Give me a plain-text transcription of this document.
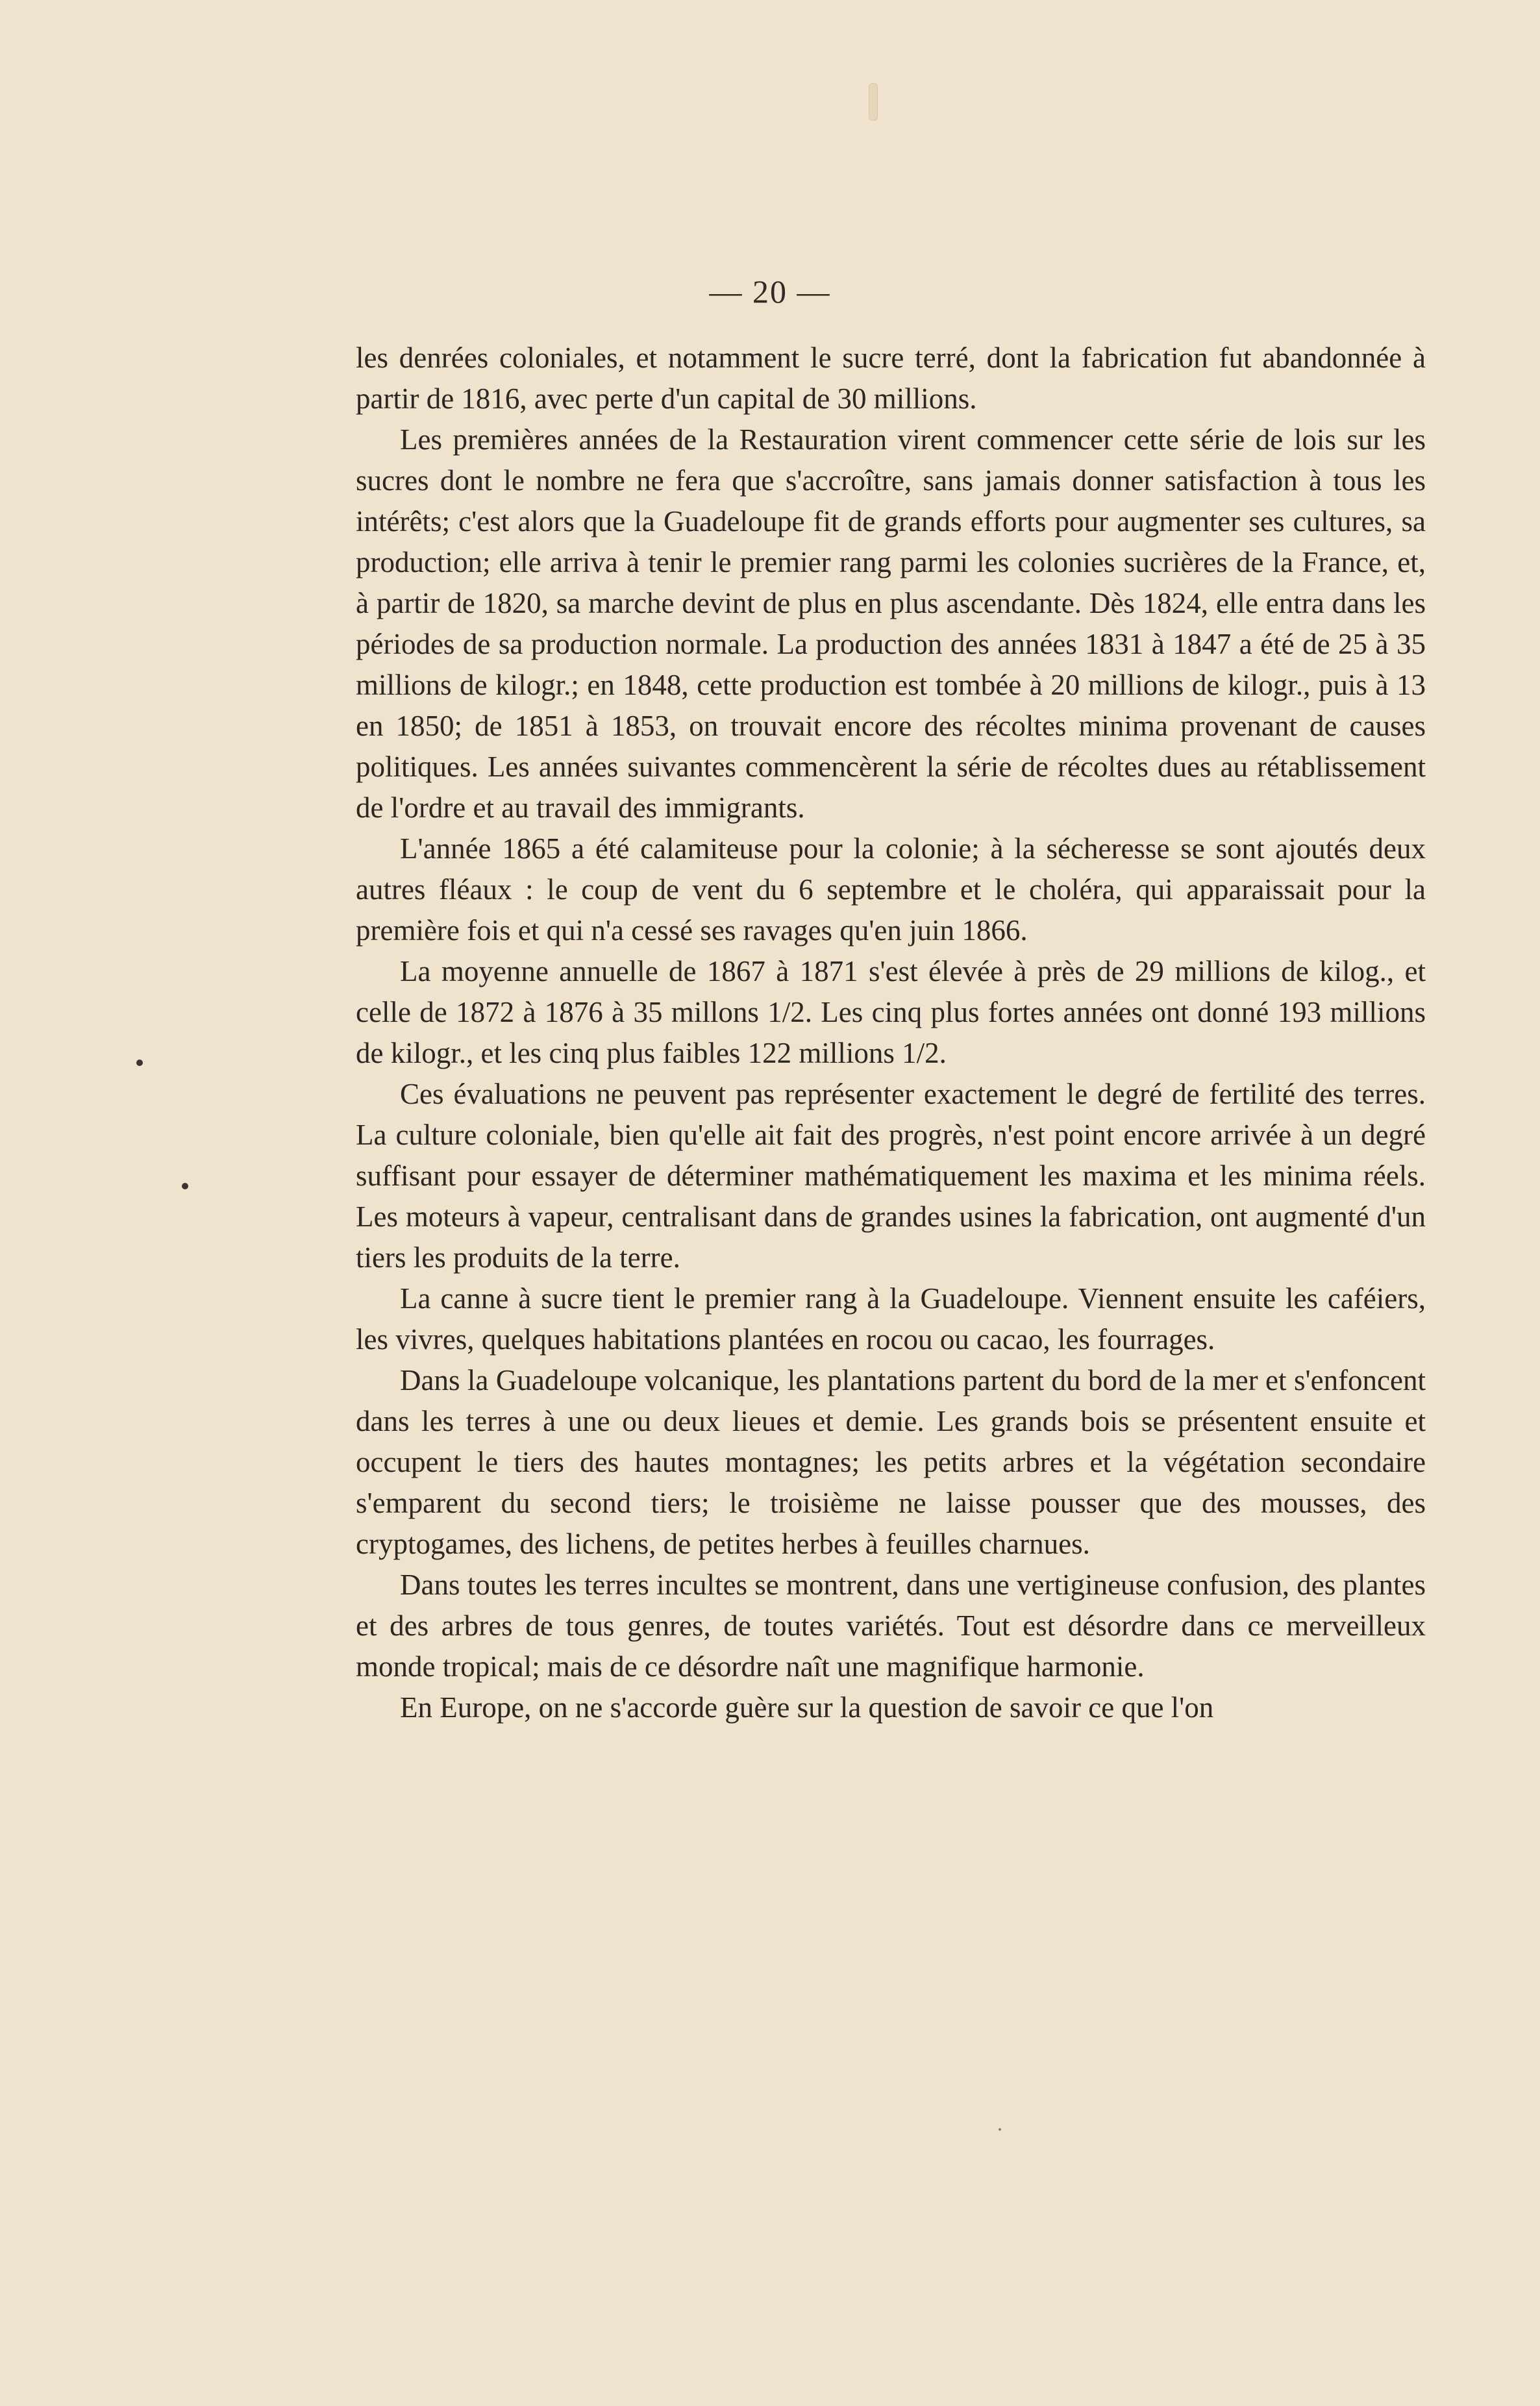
— 20 —

les denrées coloniales, et notamment le sucre terré, dont la fabrication fut abandonnée à partir de 1816, avec perte d'un capital de 30 millions.

Les premières années de la Restauration virent commencer cette série de lois sur les sucres dont le nombre ne fera que s'accroître, sans jamais donner satisfaction à tous les intérêts; c'est alors que la Guadeloupe fit de grands efforts pour augmenter ses cultures, sa production; elle arriva à tenir le premier rang parmi les colonies sucrières de la France, et, à partir de 1820, sa marche devint de plus en plus ascendante. Dès 1824, elle entra dans les périodes de sa production normale. La production des années 1831 à 1847 a été de 25 à 35 millions de kilogr.; en 1848, cette production est tombée à 20 millions de kilogr., puis à 13 en 1850; de 1851 à 1853, on trouvait encore des récoltes minima provenant de causes politiques. Les années suivantes commencèrent la série de récoltes dues au rétablissement de l'ordre et au travail des immigrants.

L'année 1865 a été calamiteuse pour la colonie; à la sécheresse se sont ajoutés deux autres fléaux : le coup de vent du 6 septembre et le choléra, qui apparaissait pour la première fois et qui n'a cessé ses ravages qu'en juin 1866.

La moyenne annuelle de 1867 à 1871 s'est élevée à près de 29 millions de kilog., et celle de 1872 à 1876 à 35 millons 1/2. Les cinq plus fortes années ont donné 193 millions de kilogr., et les cinq plus faibles 122 millions 1/2.

Ces évaluations ne peuvent pas représenter exactement le degré de fertilité des terres. La culture coloniale, bien qu'elle ait fait des progrès, n'est point encore arrivée à un degré suffisant pour essayer de déterminer mathématiquement les maxima et les minima réels. Les moteurs à vapeur, centralisant dans de grandes usines la fabrication, ont augmenté d'un tiers les produits de la terre.

La canne à sucre tient le premier rang à la Guadeloupe. Viennent ensuite les caféiers, les vivres, quelques habitations plantées en rocou ou cacao, les fourrages.

Dans la Guadeloupe volcanique, les plantations partent du bord de la mer et s'enfoncent dans les terres à une ou deux lieues et demie. Les grands bois se présentent ensuite et occupent le tiers des hautes montagnes; les petits arbres et la végétation secondaire s'emparent du second tiers; le troisième ne laisse pousser que des mousses, des cryptogames, des lichens, de petites herbes à feuilles charnues.

Dans toutes les terres incultes se montrent, dans une vertigineuse confusion, des plantes et des arbres de tous genres, de toutes variétés. Tout est désordre dans ce merveilleux monde tropical; mais de ce désordre naît une magnifique harmonie.

En Europe, on ne s'accorde guère sur la question de savoir ce que l'on
